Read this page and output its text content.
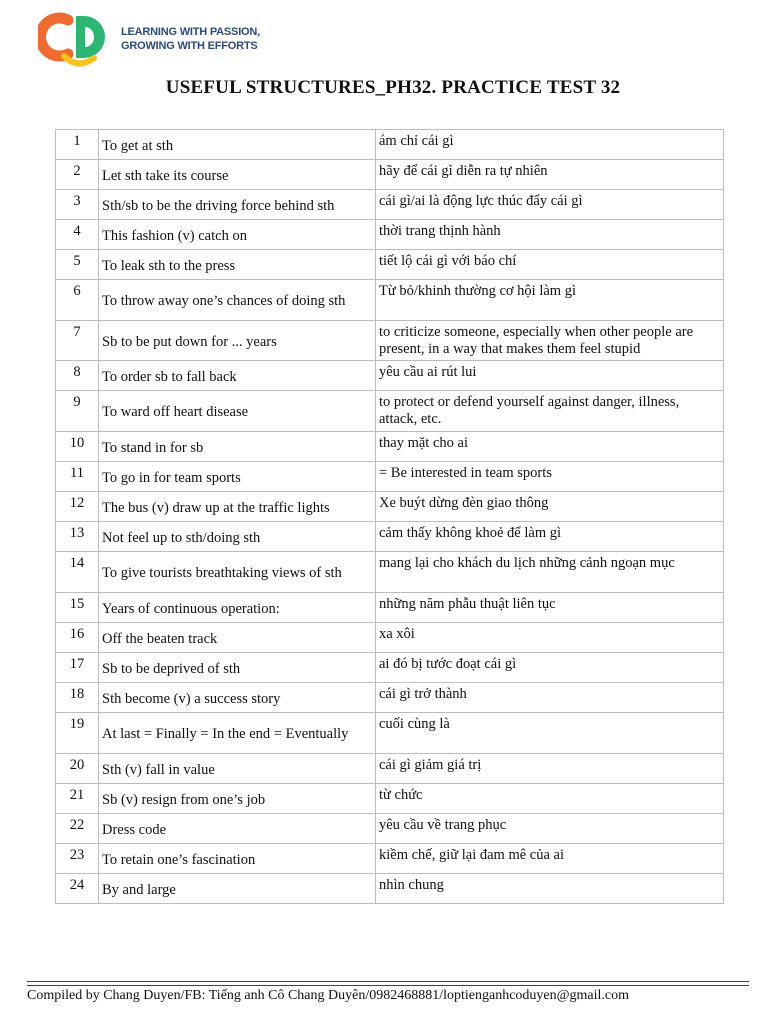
LEARNING WITH PASSION,
GROWING WITH EFFORTS
USEFUL STRUCTURES_PH32. PRACTICE TEST 32
1	To get at sth	ám chỉ cái gì
2	Let sth take its course	hãy để cái gì diễn ra tự nhiên
3	Sth/sb to be the driving force behind sth	cái gì/ai là động lực thúc đẩy cái gì
4	This fashion (v) catch on	thời trang thịnh hành
5	To leak sth to the press	tiết lộ cái gì với báo chí
6	To throw away one’s chances of doing sth	Từ bỏ/khinh thường cơ hội làm gì
7	Sb to be put down for ... years	to criticize someone, especially when other people are present, in a way that makes them feel stupid
8	To order sb to fall back	yêu cầu ai rút lui
9	To ward off heart disease	to protect or defend yourself against danger, illness, attack, etc.
10	To stand in for sb	thay mặt cho ai
11	To go in for team sports	= Be interested in team sports
12	The bus (v) draw up at the traffic lights	Xe buýt dừng đèn giao thông
13	Not feel up to sth/doing sth	cảm thấy không khoẻ để làm gì
14	To give tourists breathtaking views of sth	mang lại cho khách du lịch những cảnh ngoạn mục
15	Years of continuous operation:	những năm phẫu thuật liên tục
16	Off the beaten track	xa xôi
17	Sb to be deprived of sth	ai đó bị tước đoạt cái gì
18	Sth become (v) a success story	cái gì trở thành
19	At last = Finally = In the end = Eventually	cuối cùng là
20	Sth (v) fall in value	cái gì giảm giá trị
21	Sb (v) resign from one’s job	từ chức
22	Dress code	yêu cầu về trang phục
23	To retain one’s fascination	kiềm chế, giữ lại đam mê của ai
24	By and large	nhìn chung
Compiled by Chang Duyen/FB: Tiếng anh Cô Chang Duyên/0982468881/loptienganhcoduyen@gmail.com
